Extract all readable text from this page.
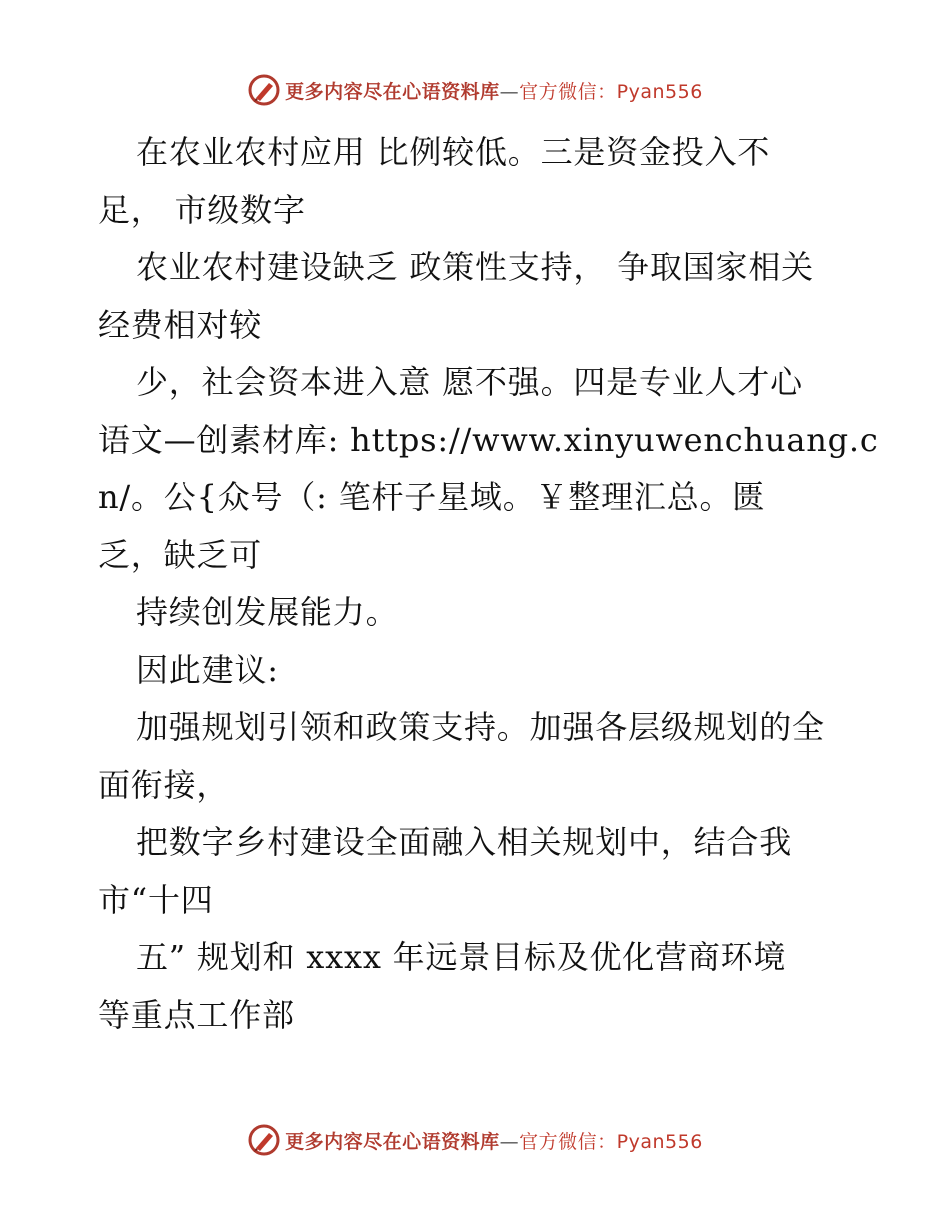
更多内容尽在心语资料库—官方微信：Pyan556
在农业农村应用 比例较低。三是资金投入不
足， 市级数字
农业农村建设缺乏 政策性支持， 争取国家相关
经费相对较
少，社会资本进入意 愿不强。四是专业人才心
语文—创素材库: https://www.xinyuwenchuang.c
n/。公{众号（: 笔杆子星域。￥整理汇总。匮
乏，缺乏可
持续创发展能力。
因此建议:
加强规划引领和政策支持。加强各层级规划的全
面衔接，
把数字乡村建设全面融入相关规划中，结合我
市“十四
五” 规划和 xxxx 年远景目标及优化营商环境
等重点工作部
更多内容尽在心语资料库—官方微信：Pyan556
